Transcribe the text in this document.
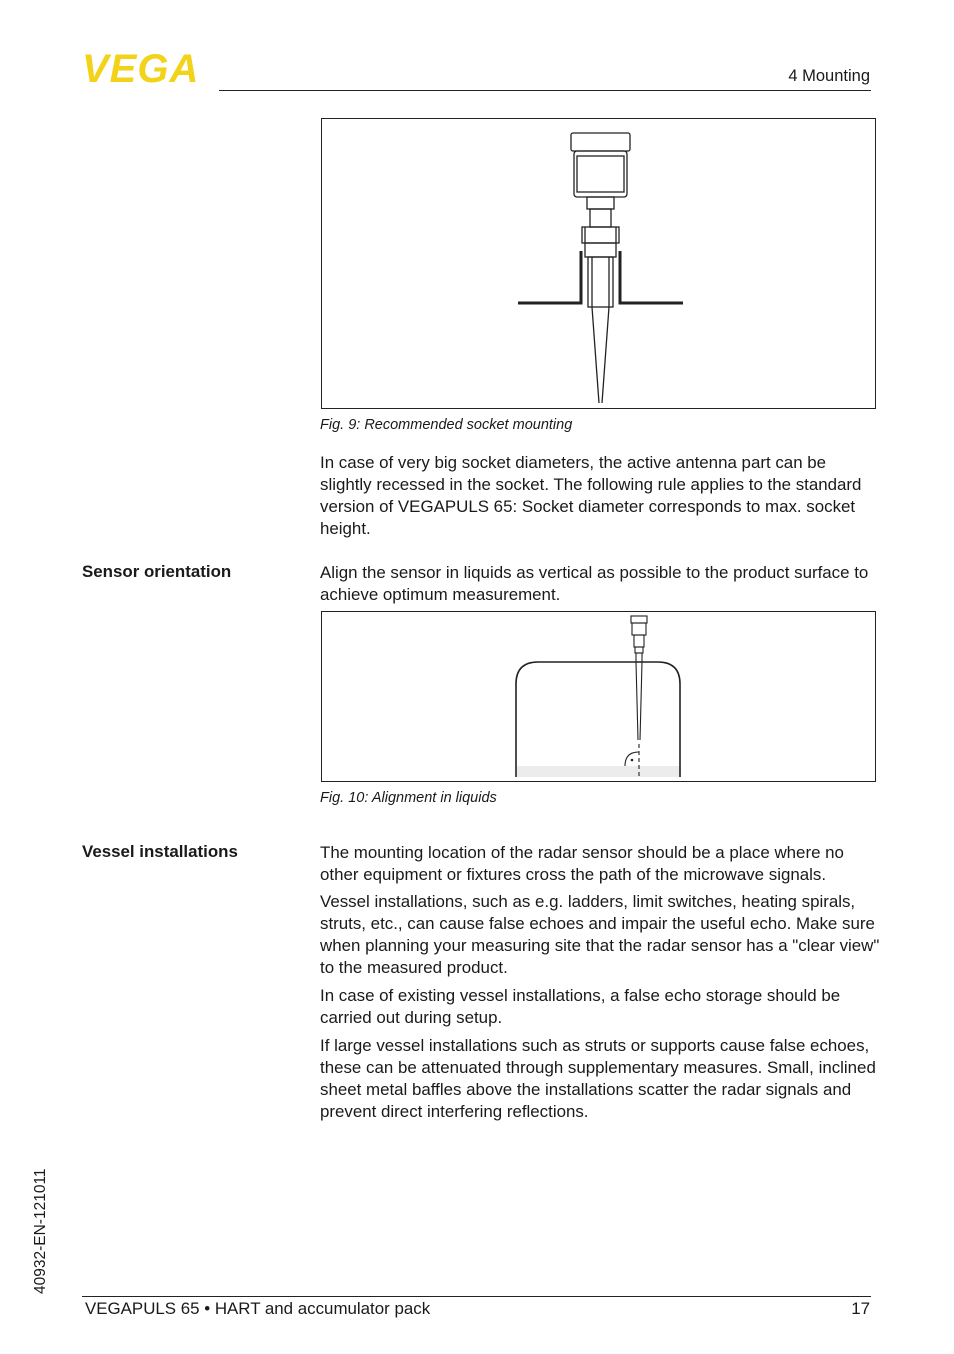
VEGA	4 Mounting
Fig. 9: Recommended socket mounting

In case of very big socket diameters, the active antenna part can be slightly recessed in the socket. The following rule applies to the standard version of VEGAPULS 65: Socket diameter corresponds to max. socket height.

Sensor orientation	Align the sensor in liquids as vertical as possible to the product surface to achieve optimum measurement.

Fig. 10: Alignment in liquids
Vessel installations	The mounting location of the radar sensor should be a place where no other equipment or fixtures cross the path of the microwave signals.

Vessel installations, such as e.g. ladders, limit switches, heating spirals, struts, etc., can cause false echoes and impair the useful echo. Make sure when planning your measuring site that the radar sensor has a "clear view" to the measured product.

In case of existing vessel installations, a false echo storage should be carried out during setup.

If large vessel installations such as struts or supports cause false echoes, these can be attenuated through supplementary measures. Small, inclined sheet metal baffles above the installations scatter the radar signals and prevent direct interfering reflections.

40932-EN-121011
VEGAPULS 65 • HART and accumulator pack	17
